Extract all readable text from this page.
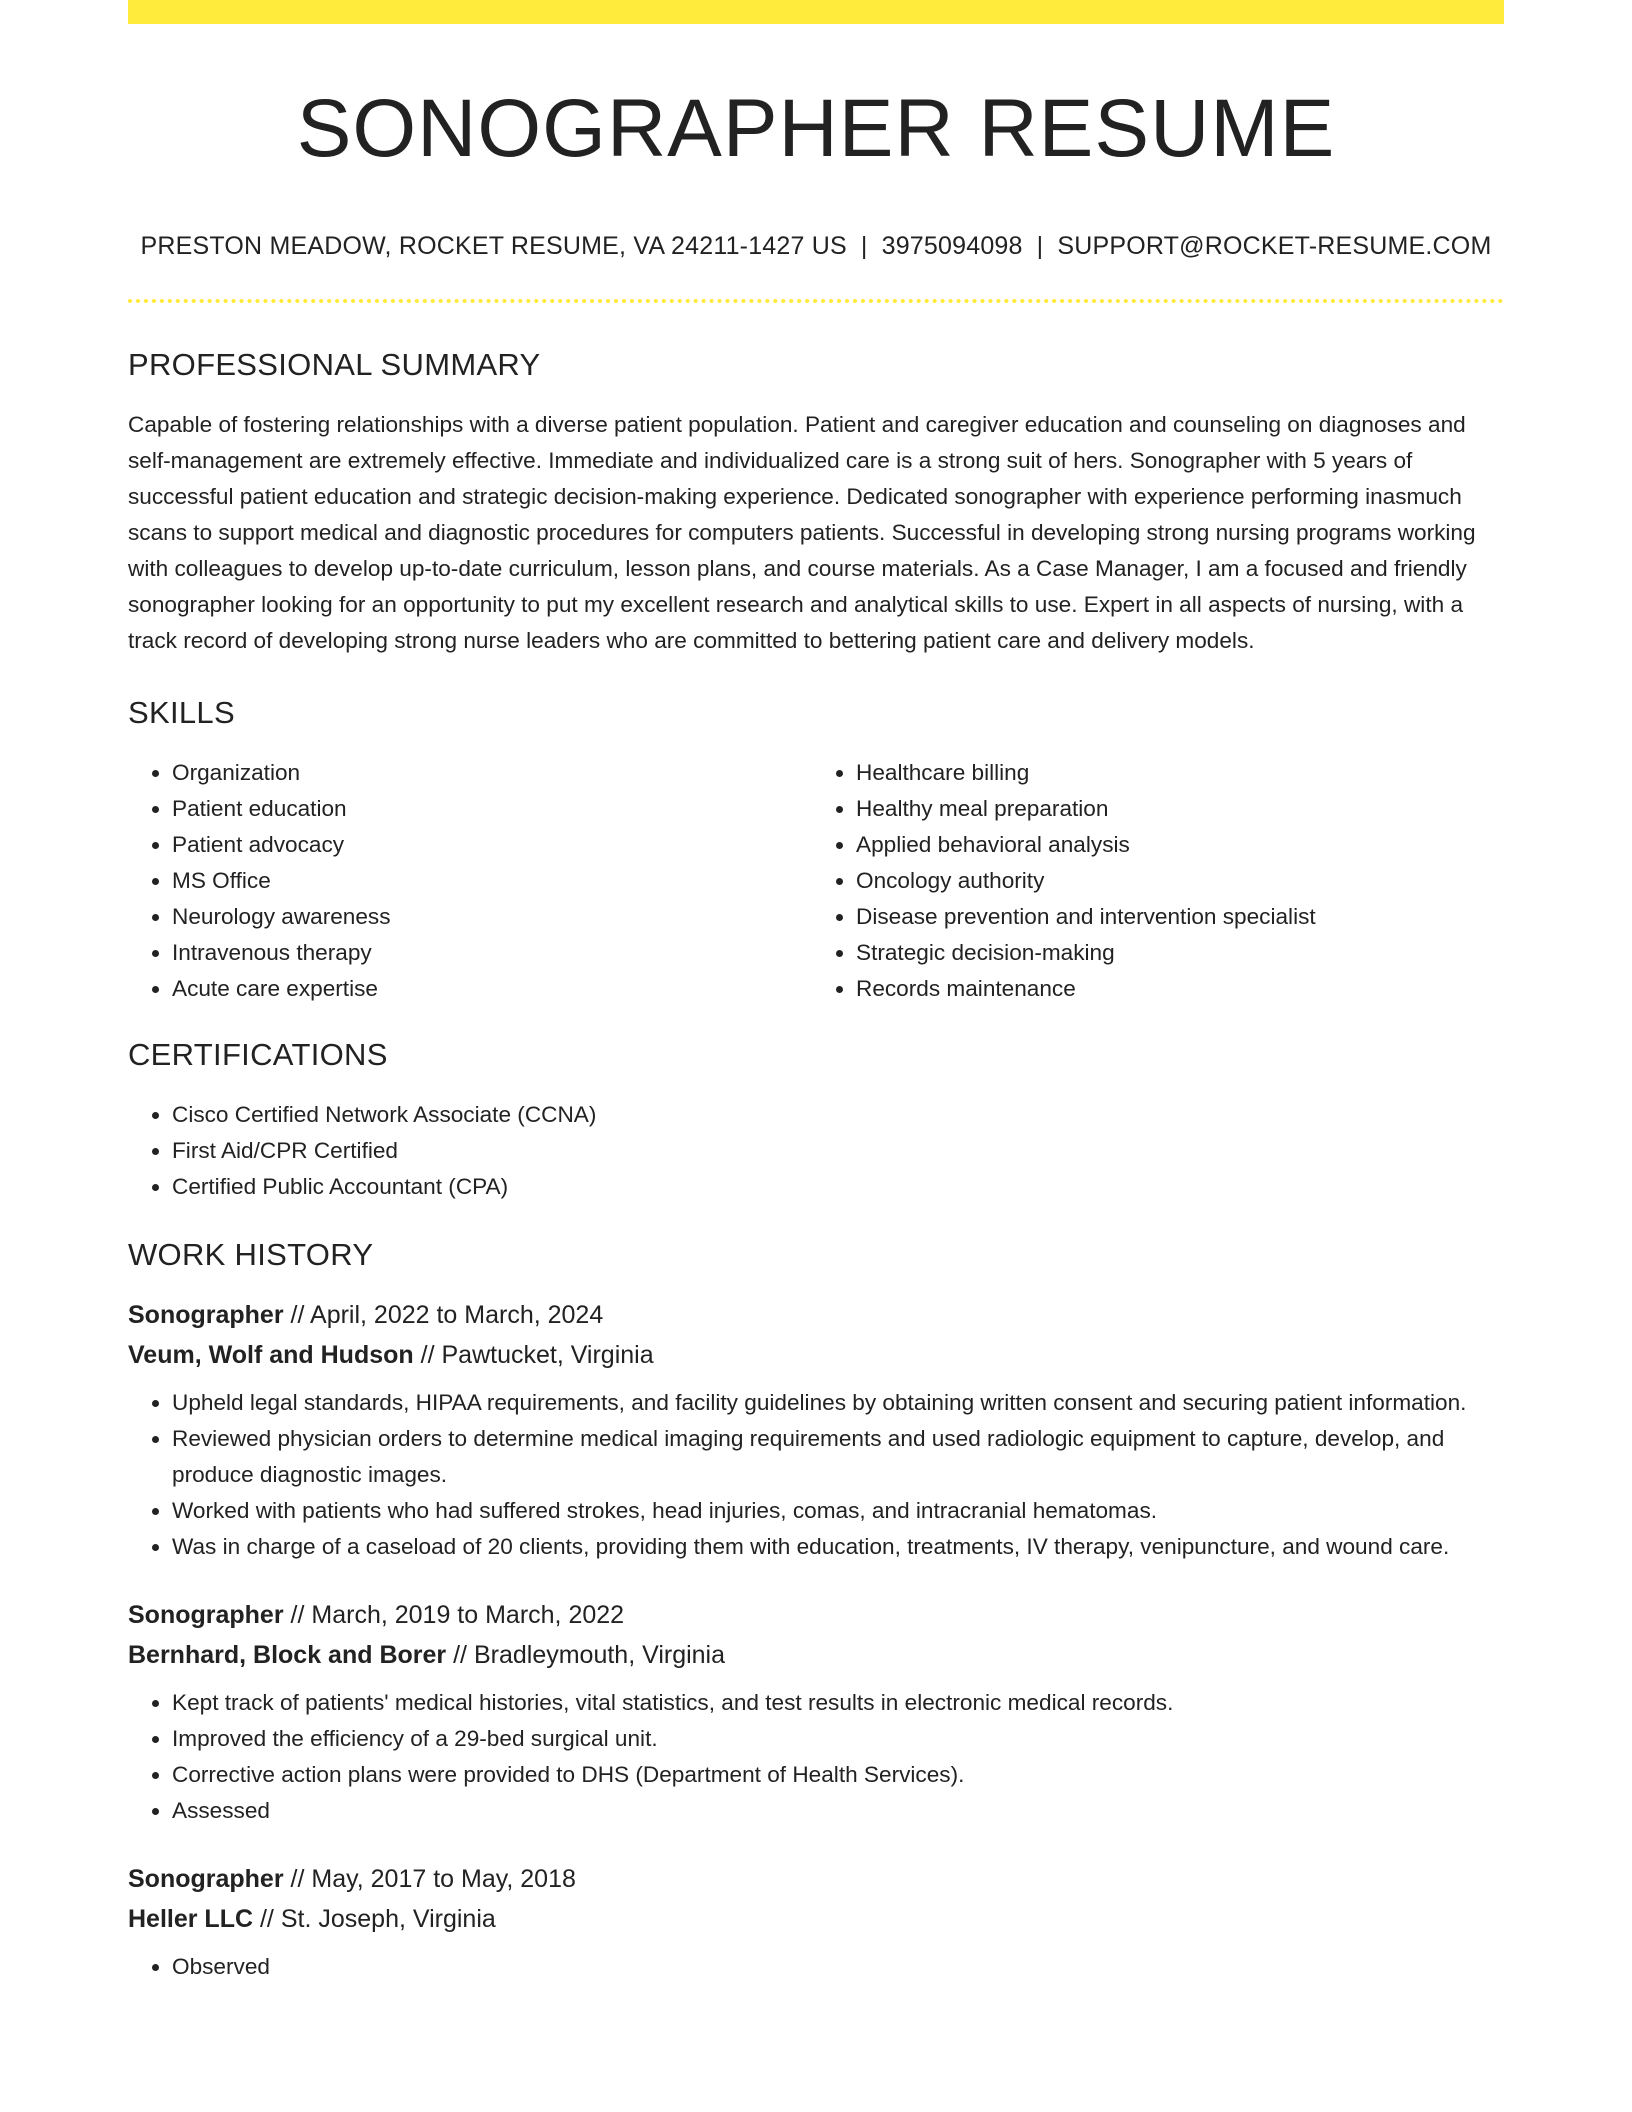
SONOGRAPHER RESUME
PRESTON MEADOW, ROCKET RESUME, VA 24211-1427 US | 3975094098 | SUPPORT@ROCKET-RESUME.COM
PROFESSIONAL SUMMARY

Capable of fostering relationships with a diverse patient population. Patient and caregiver education and counseling on diagnoses and self-management are extremely effective. Immediate and individualized care is a strong suit of hers. Sonographer with 5 years of successful patient education and strategic decision-making experience. Dedicated sonographer with experience performing inasmuch scans to support medical and diagnostic procedures for computers patients. Successful in developing strong nursing programs working with colleagues to develop up-to-date curriculum, lesson plans, and course materials. As a Case Manager, I am a focused and friendly sonographer looking for an opportunity to put my excellent research and analytical skills to use. Expert in all aspects of nursing, with a track record of developing strong nurse leaders who are committed to bettering patient care and delivery models.

SKILLS
• Organization
• Patient education
• Patient advocacy
• MS Office
• Neurology awareness
• Intravenous therapy
• Acute care expertise
• Healthcare billing
• Healthy meal preparation
• Applied behavioral analysis
• Oncology authority
• Disease prevention and intervention specialist
• Strategic decision-making
• Records maintenance
CERTIFICATIONS
• Cisco Certified Network Associate (CCNA)
• First Aid/CPR Certified
• Certified Public Accountant (CPA)
WORK HISTORY
Sonographer // April, 2022 to March, 2024
Veum, Wolf and Hudson // Pawtucket, Virginia
• Upheld legal standards, HIPAA requirements, and facility guidelines by obtaining written consent and securing patient information.
• Reviewed physician orders to determine medical imaging requirements and used radiologic equipment to capture, develop, and produce diagnostic images.
• Worked with patients who had suffered strokes, head injuries, comas, and intracranial hematomas.
• Was in charge of a caseload of 20 clients, providing them with education, treatments, IV therapy, venipuncture, and wound care.
Sonographer // March, 2019 to March, 2022
Bernhard, Block and Borer // Bradleymouth, Virginia
• Kept track of patients' medical histories, vital statistics, and test results in electronic medical records.
• Improved the efficiency of a 29-bed surgical unit.
• Corrective action plans were provided to DHS (Department of Health Services).
• Assessed
Sonographer // May, 2017 to May, 2018
Heller LLC // St. Joseph, Virginia
• Observed
